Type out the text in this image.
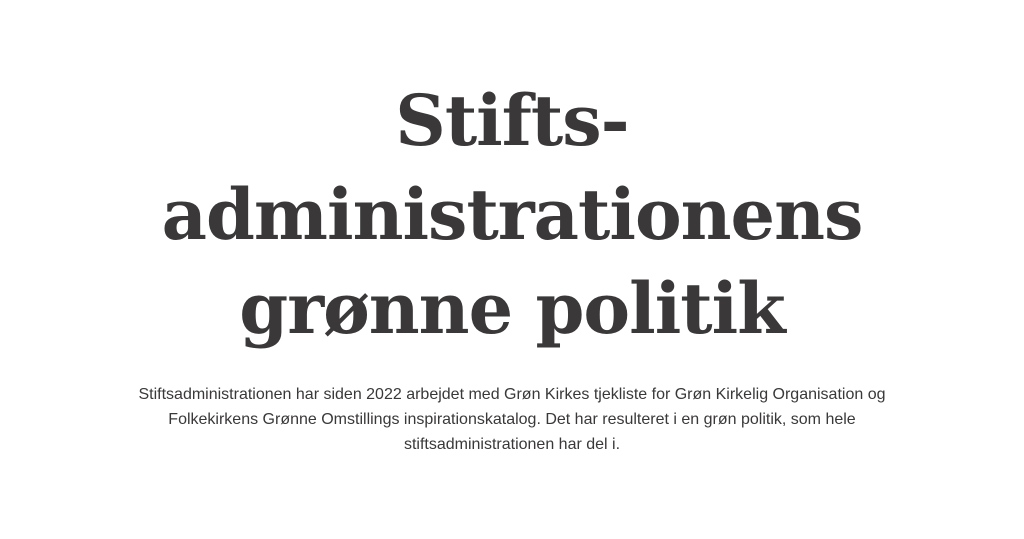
Stifts-
administrationens
grønne politik

Stiftsadministrationen har siden 2022 arbejdet med Grøn Kirkes tjekliste for Grøn Kirkelig Organisation og Folkekirkens Grønne Omstillings inspirationskatalog. Det har resulteret i en grøn politik, som hele stiftsadministrationen har del i.
